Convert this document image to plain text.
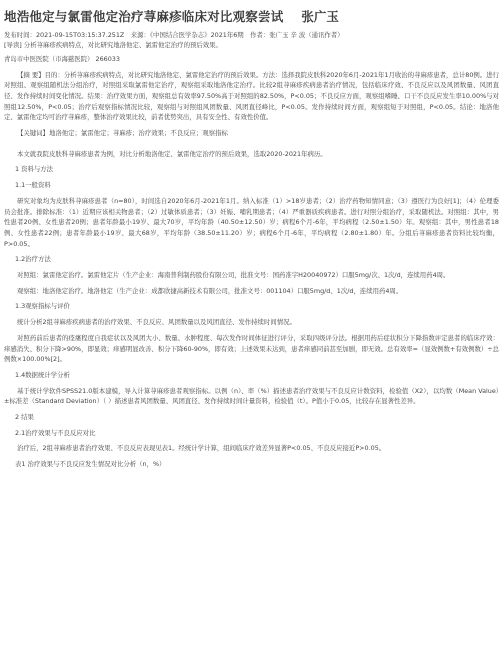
地浩他定与氯雷他定治疗荨麻疹临床对比观察尝试 张广玉
发布时间：2021-09-15T03:15:37.251Z　来源：《中国结合医学杂志》2021年6期　作者：张广玉 辛 波（通讯作者）
[导读] 分析荨麻疹疾病特点，对比研究地洛他定、氯雷他定治疗的预后效果。
青岛市中医医院（市海慈医院） 266033

【摘 要】目的：分析荨麻疹疾病特点，对比研究地洛他定、氯雷他定治疗的预后效果。方法：选择我院皮肤科2020年6月-2021年1月收治的荨麻疹患者，总计80例。进行对照组、观察组随机法分组治疗，对照组采取氯雷他定治疗，观察组采取地洛他定治疗。比较2组荨麻疹疾病患者治疗情况，包括临床疗效、不良反应以及风团数量、风团直径、发作持续时间变化情况。结果：治疗效果方面，观察组总有效率97.50%高于对照组的82.50%，P<0.05；不良反应方面，观察组嗜睡、口干不良反应发生率10.00%与对照组12.50%，P<0.05；治疗后观察指标情况比较，观察组与对照组风团数量、风团直径峰比，P<0.05。发作持续时间方面，观察组短于对照组，P<0.05。结论：地洛他定、氯雷他定均可治疗荨麻疹，整体治疗效果比较，前者优势突出，具有安全性、有效性价值。

【关键词】地洛他定；氯雷他定；荨麻疹；治疗效果；不良反应；观察指标

本文就我院皮肤科荨麻疹患者为例，对比分析地洛他定、氯雷他定治疗的预后效果，选取2020-2021年病历。

1 资料与方法

1.1一般资料

研究对象均为皮肤科荨麻疹患者（n=80），时间选自2020年6月-2021年1月。纳入标准（1）>18岁患者；（2）治疗药物知情同意；（3）遵医行为良好[1]；（4）伦理委员会批准。排除标准：（1）近期应该相关物患者；（2）过敏体质患者；（3）妊娠、哺乳期患者；（4）严重器质疾病患者。进行对照分组治疗，采取随机法。对照组：其中，男性患者20例、女性患者20例；患者年龄最小19岁、最大70岁，平均年龄（40.50±12.50）岁；病程6个月-6年，平均病程（2.50±1.50）年。观察组：其中，男性患者18例、女性患者22例；患者年龄最小19岁、最大68岁，平均年龄（38.50±11.20）岁；病程6个月-6年，平均病程（2.80±1.80）年。分组后荨麻疹患者资料比较均衡，P>0.05。

1.2治疗方法

对照组：氯雷他定治疗。氯雷他定片（生产企业：海南普利制药股份有限公司，批准文号：国药准字H20040972）口服5mg/次、1次/d，连续用药4周。

观察组：地洛他定治疗。地洛他定（生产企业：成都欣捷高新技术有限公司，批准文号：001104）口服5mg/d、1次/d，连续用药4周。

1.3观察指标与评价

统计分析2组荨麻疹疾病患者的治疗效果、不良反应、风团数量以及风团直径、发作持续时间情况。

对照药前后患者的痊瘙程度自我症状以及风团大小、数量、水肿程度、每次发作时间体征进行评分，采取四级评分法。根据用药后症状积分下降指数评定患者的临床疗效：痒感消失、积分下降>90%，即显效；痒感明显改善、积分下降60-90%，即有效；上述效果未达到，患者痒感同前甚至加剧，即无效。总有效率=（显效例数+有效例数）÷总例数×100.00%[2]。

1.4数据统计学分析

基于统计学软件SPSS21.0版本建模，导入计算荨麻疹患者观察指标。以例（n）、率（%）描述患者治疗效果与不良反应计数资料，检验值（X2），以均数（Mean Value）±标准差（Standard Deviation）（ ）描述患者风团数量、风团直径、发作持续时间计量资料，检验值（t）。P值小于0.05，比较存在显著性差异。

2 结果

2.1治疗效果与不良反应对比

治疗后，2组荨麻疹患者治疗效果、不良反应表现见表1。经统计学计算，组间临床疗效差异显著P<0.05、不良反应接近P>0.05。

表1 治疗效果与不良反应发生情况对比分析（n，%）
